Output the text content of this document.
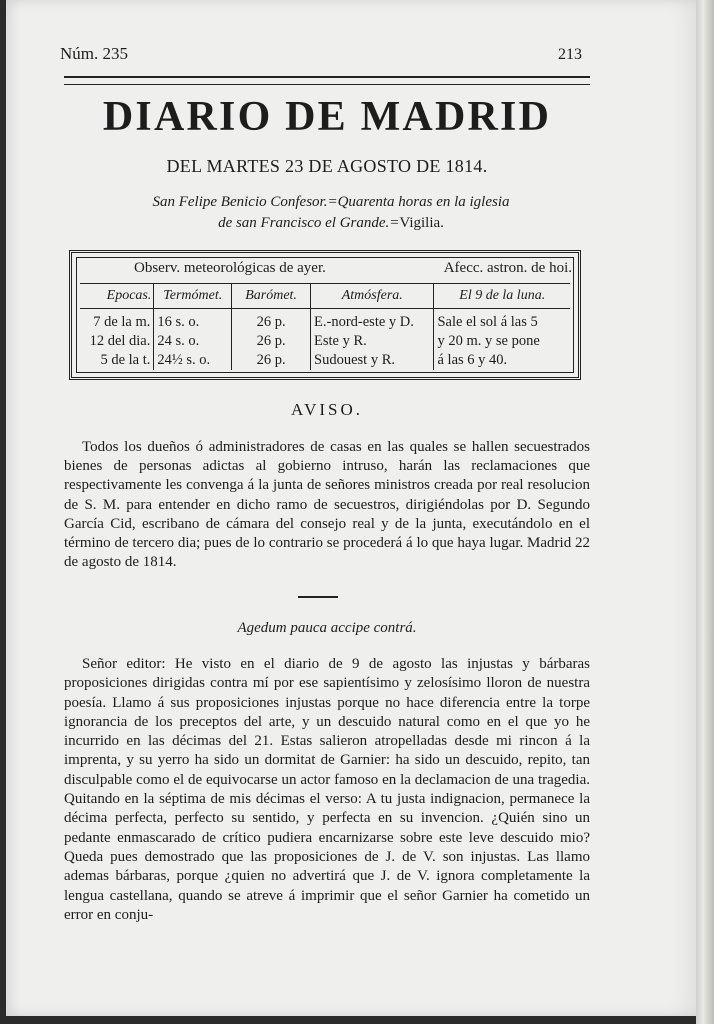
Núm. 235	213
DIARIO DE MADRID
DEL MARTES 23 DE AGOSTO DE 1814.
San Felipe Benicio Confesor.=Quarenta horas en la iglesia
de san Francisco el Grande.=Vigilia.
Observ. meteorológicas de ayer.	Afecc. astron. de hoi.
Epocas.	Termómet.	Barómet.	Atmósfera.	El 9 de la luna.
7 de la m.	16 s. o.	26 p.	E.-nord-este y D.	Sale el sol á las 5
12 del dia.	24 s. o.	26 p.	Este y R.	y 20 m. y se pone
5 de la t.	24½ s. o.	26 p.	Sudouest y R.	á las 6 y 40.
AVISO.
Todos los dueños ó administradores de casas en las quales se hallen secuestrados bienes de personas adictas al gobierno intruso, harán las reclamaciones que respectivamente les convenga á la junta de señores ministros creada por real resolucion de S. M. para entender en dicho ramo de secuestros, dirigiéndolas por D. Segundo García Cid, escribano de cámara del consejo real y de la junta, executándolo en el término de tercero dia; pues de lo contrario se procederá á lo que haya lugar. Madrid 22 de agosto de 1814.
Agedum pauca accipe contrá.

Señor editor: He visto en el diario de 9 de agosto las injustas y bárbaras proposiciones dirigidas contra mí por ese sapientísimo y zelosísimo lloron de nuestra poesía. Llamo á sus proposiciones injustas porque no hace diferencia entre la torpe ignorancia de los preceptos del arte, y un descuido natural como en el que yo he incurrido en las décimas del 21. Estas salieron atropelladas desde mi rincon á la imprenta, y su yerro ha sido un dormitat de Garnier: ha sido un descuido, repito, tan disculpable como el de equivocarse un actor famoso en la declamacion de una tragedia. Quitando en la séptima de mis décimas el verso: A tu justa indignacion, permanece la décima perfecta, perfecto su sentido, y perfecta en su invencion. ¿Quién sino un pedante enmascarado de crítico pudiera encarnizarse sobre este leve descuido mio? Queda pues demostrado que las proposiciones de J. de V. son injustas. Las llamo ademas bárbaras, porque ¿quien no advertirá que J. de V. ignora completamente la lengua castellana, quando se atreve á imprimir que el señor Garnier ha cometido un error en conju-
